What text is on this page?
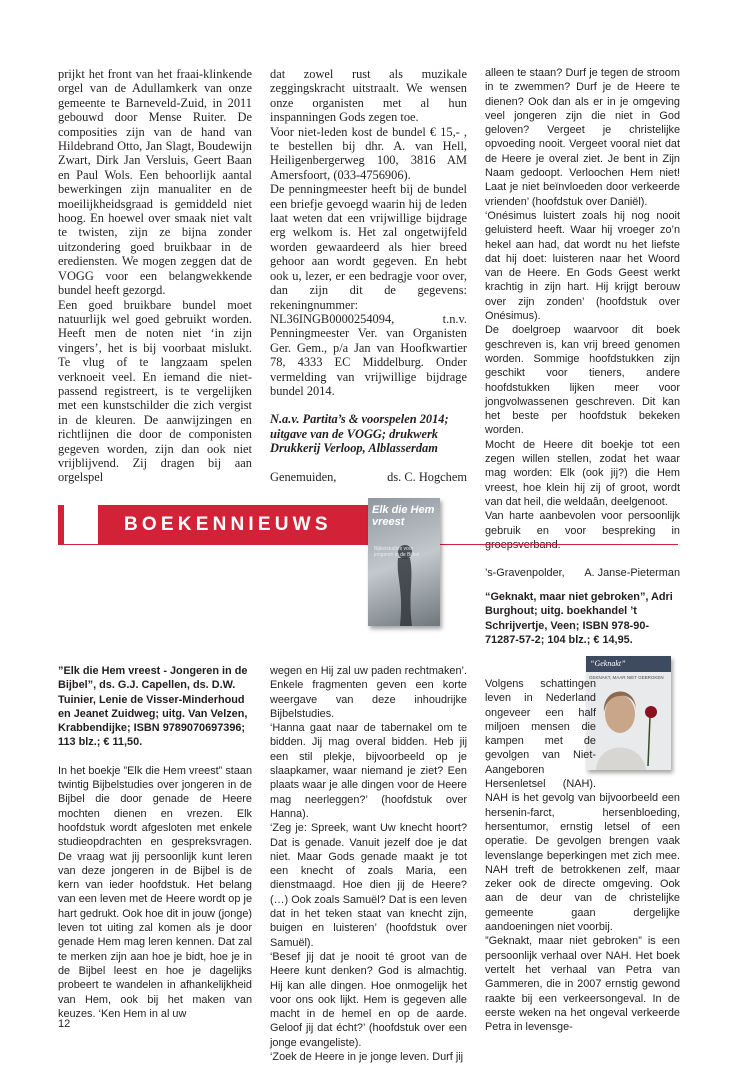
prijkt het front van het fraai-klinkende orgel van de Adullamkerk van onze gemeente te Barneveld-Zuid, in 2011 gebouwd door Mense Ruiter. De composities zijn van de hand van Hildebrand Otto, Jan Slagt, Boudewijn Zwart, Dirk Jan Versluis, Geert Baan en Paul Wols. Een behoorlijk aantal bewerkingen zijn manualiter en de moeilijkheidsgraad is gemiddeld niet hoog. En hoewel over smaak niet valt te twisten, zijn ze bijna zonder uitzondering goed bruikbaar in de erediensten. We mogen zeggen dat de VOGG voor een belangwekkende bundel heeft gezorgd.

Een goed bruikbare bundel moet natuurlijk wel goed gebruikt worden. Heeft men de noten niet ‘in zijn vingers’, het is bij voorbaat mislukt. Te vlug of te langzaam spelen verknoeit veel. En iemand die niet-passend registreert, is te vergelijken met een kunstschilder die zich vergist in de kleuren. De aanwijzingen en richtlijnen die door de componisten gegeven worden, zijn dan ook niet vrijblijvend. Zij dragen bij aan orgelspel

dat zowel rust als muzikale zeggingskracht uitstraalt. We wensen onze organisten met al hun inspanningen Gods zegen toe.

Voor niet-leden kost de bundel € 15,- , te bestellen bij dhr. A. van Hell, Heiligenbergerweg 100, 3816 AM Amersfoort, (033-4756906).

De penningmeester heeft bij de bundel een briefje gevoegd waarin hij de leden laat weten dat een vrijwillige bijdrage erg welkom is. Het zal ongetwijfeld worden gewaardeerd als hier breed gehoor aan wordt gegeven. En hebt ook u, lezer, er een bedragje voor over, dan zijn dit de gegevens: rekeningnummer: NL36INGB0000254094, t.n.v. Penningmeester Ver. van Organisten Ger. Gem., p/a Jan van Hoofkwartier 78, 4333 EC Middelburg. Onder vermelding van vrijwillige bijdrage bundel 2014.

N.a.v. Partita’s & voorspelen 2014; uitgave van de VOGG; drukwerk Drukkerij Verloop, Alblasserdam

Genemuiden,	ds. C. Hogchem

alleen te staan? Durf je tegen de stroom in te zwemmen? Durf je de Heere te dienen? Ook dan als er in je omgeving veel jongeren zijn die niet in God geloven? Vergeet je christelijke opvoeding nooit. Vergeet vooral niet dat de Heere je overal ziet. Je bent in Zijn Naam gedoopt. Verloochen Hem niet! Laat je niet beïnvloeden door verkeerde vrienden’ (hoofdstuk over Daniël).

‘Onésimus luistert zoals hij nog nooit geluisterd heeft. Waar hij vroeger zo’n hekel aan had, dat wordt nu het liefste dat hij doet: luisteren naar het Woord van de Heere. En Gods Geest werkt krachtig in zijn hart. Hij krijgt berouw over zijn zonden’ (hoofdstuk over Onésimus).

De doelgroep waarvoor dit boek geschreven is, kan vrij breed genomen worden. Sommige hoofdstukken zijn geschikt voor tieners, andere hoofdstukken lijken meer voor jongvolwassenen geschreven. Dit kan het beste per hoofdstuk bekeken worden.

Mocht de Heere dit boekje tot een zegen willen stellen, zodat het waar mag worden: Elk (ook jij?) die Hem vreest, hoe klein hij zij of groot, wordt van dat heil, die weldaân, deelgenoot.

Van harte aanbevolen voor persoonlijk gebruik en voor bespreking in

’s-Gravenpolder, A. Janse-Pieterman
BOEKENNIEUWS
Elk die Hem vreest
Bijbelstudies voor jongeren in de Bijbel

“Geknakt, maar niet gebroken”, Adri Burghout; uitg. boekhandel ’t Schrijvertje, Veen; ISBN 978-90-71287-57-2; 104 blz.; € 14,95.

”Elk die Hem vreest - Jongeren in de Bijbel”, ds. G.J. Capellen, ds. D.W. Tuinier, Lenie de Visser-Minderhoud en Jeanet Zuidweg; uitg. Van Velzen, Krabbendijke; ISBN 9789070697396; 113 blz.; € 11,50.

In het boekje ”Elk die Hem vreest” staan twintig Bijbelstudies over jongeren in de Bijbel die door genade de Heere mochten dienen en vrezen. Elk hoofdstuk wordt afgesloten met enkele studieopdrachten en gespreksvragen. De vraag wat jij persoonlijk kunt leren van deze jongeren in de Bijbel is de kern van ieder hoofdstuk. Het belang van een leven met de Heere wordt op je hart gedrukt. Ook hoe dit in jouw (jonge) leven tot uiting zal komen als je door genade Hem mag leren kennen. Dat zal te merken zijn aan hoe je bidt, hoe je in de Bijbel leest en hoe je dagelijks probeert te wandelen in afhankelijkheid van Hem, ook bij het maken van keuzes. ‘Ken Hem in al uw

wegen en Hij zal uw paden rechtmaken’. Enkele fragmenten geven een korte weergave van deze inhoudrijke Bijbelstudies.

‘Hanna gaat naar de tabernakel om te bidden. Jij mag overal bidden. Heb jij een stil plekje, bijvoorbeeld op je slaapkamer, waar niemand je ziet? Een plaats waar je alle dingen voor de Heere mag neerleggen?’ (hoofdstuk over Hanna).

‘Zeg je: Spreek, want Uw knecht hoort? Dat is genade. Vanuit jezelf doe je dat niet. Maar Gods genade maakt je tot een knecht of zoals Maria, een dienstmaagd. Hoe dien jij de Heere? (…) Ook zoals Samuël? Dat is een leven dat in het teken staat van knecht zijn, buigen en luisteren’ (hoofdstuk over Samuël).

‘Besef jij dat je nooit té groot van de Heere kunt denken? God is almachtig. Hij kan alle dingen. Hoe onmogelijk het voor ons ook lijkt. Hem is gegeven alle macht in de hemel en op de aarde. Geloof jij dat écht?’ (hoofdstuk over een jonge evangeliste).

‘Zoek de Heere in je jonge leven. Durf jij

“Geknakt”
GEKNAKT, MAAR NIET GEBROKEN

Volgens schattingen leven in Nederland ongeveer een half miljoen mensen die kampen met de gevolgen van Niet-Aangeboren Hersenletsel (NAH). NAH is het gevolg van bijvoorbeeld een hersenin-farct, hersenbloeding, hersentumor, ernstig letsel of een operatie. De gevolgen brengen vaak levenslange beperkingen met zich mee. NAH treft de betrokkenen zelf, maar zeker ook de directe omgeving. Ook aan de deur van de christelijke gemeente gaan dergelijke aandoeningen niet voorbij.

”Geknakt, maar niet gebroken” is een persoonlijk verhaal over NAH. Het boek vertelt het verhaal van Petra van Gammeren, die in 2007 ernstig gewond raakte bij een verkeersongeval. In de eerste weken na het ongeval verkeerde Petra in levensge-

12
